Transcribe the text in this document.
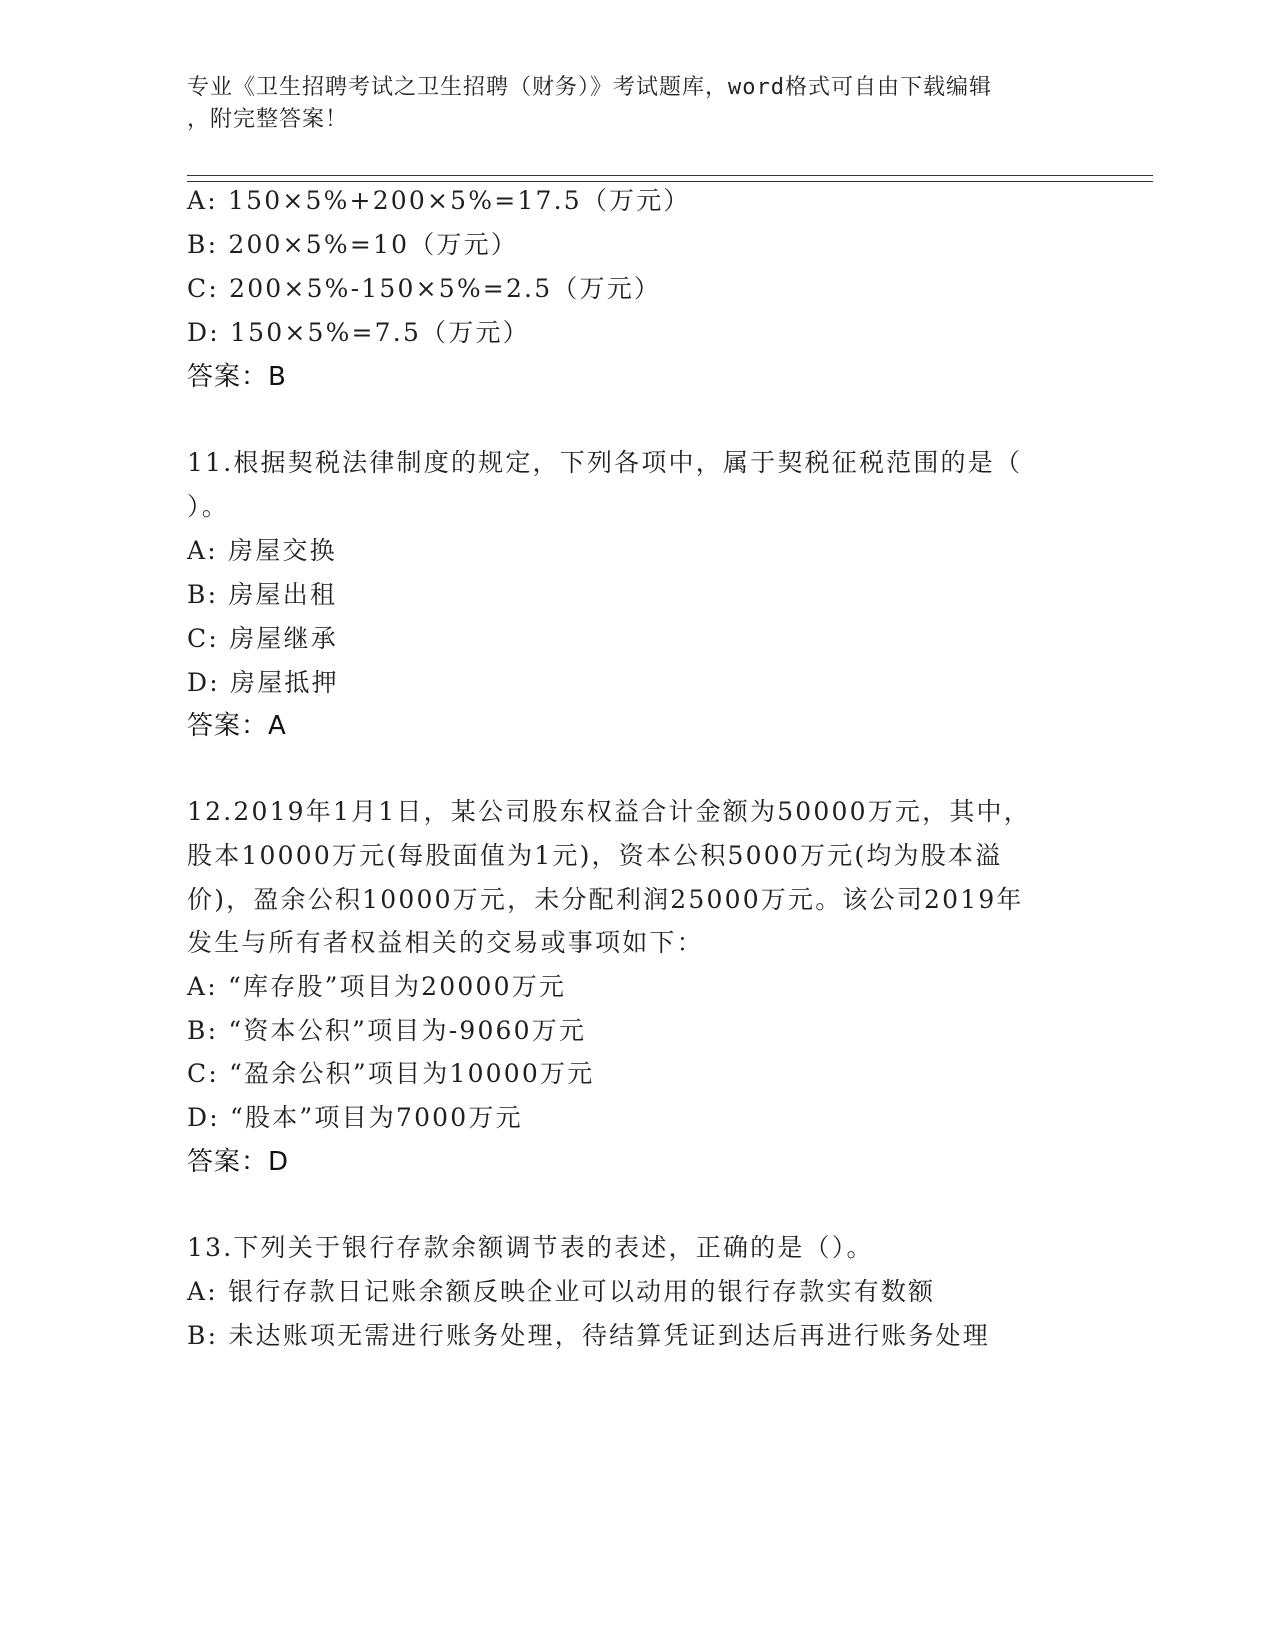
专业《卫生招聘考试之卫生招聘（财务）》考试题库，word格式可自由下载编辑
，附完整答案！
A: 150×5%+200×5%=17.5（万元）
B: 200×5%=10（万元）
C: 200×5%-150×5%=2.5（万元）
D: 150×5%=7.5（万元）
答案：B
11.根据契税法律制度的规定，下列各项中，属于契税征税范围的是（
）。
A: 房屋交换
B: 房屋出租
C: 房屋继承
D: 房屋抵押
答案：A
12.2019年1月1日，某公司股东权益合计金额为50000万元，其中，
股本10000万元(每股面值为1元)，资本公积5000万元(均为股本溢
价)，盈余公积10000万元，未分配利润25000万元。该公司2019年
发生与所有者权益相关的交易或事项如下：
A: “库存股”项目为20000万元
B: “资本公积”项目为-9060万元
C: “盈余公积”项目为10000万元
D: “股本”项目为7000万元
答案：D
13.下列关于银行存款余额调节表的表述，正确的是（）。
A: 银行存款日记账余额反映企业可以动用的银行存款实有数额
B: 未达账项无需进行账务处理，待结算凭证到达后再进行账务处理
